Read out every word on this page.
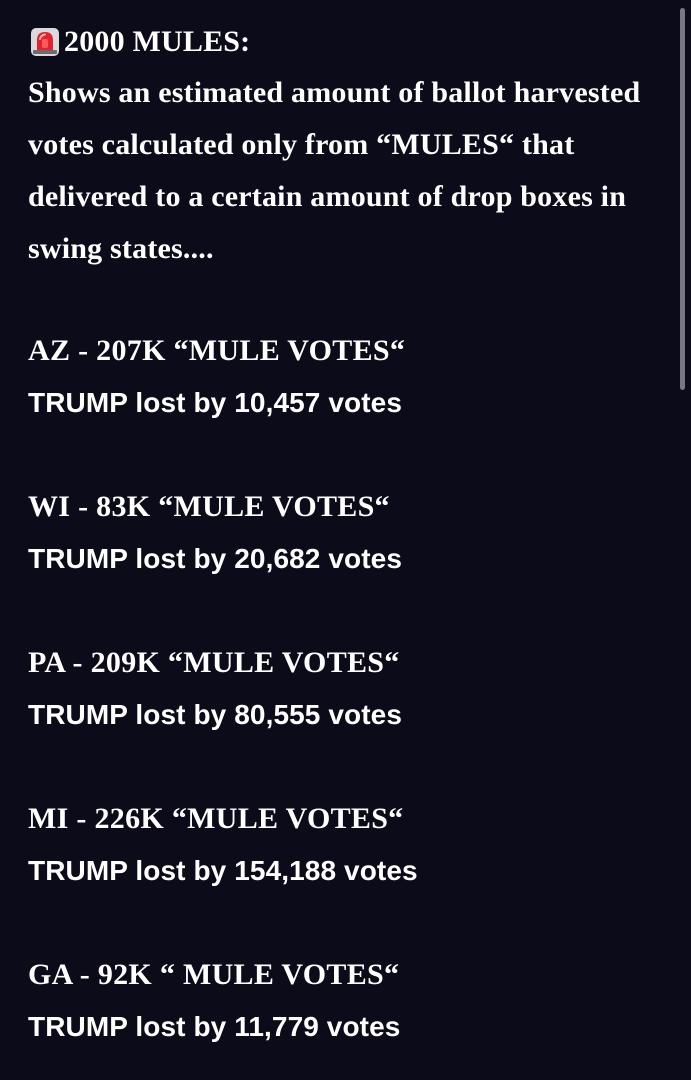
2000 MULES:
Shows an estimated amount of ballot harvested votes calculated only from “MULES“ that delivered to a certain amount of drop boxes in swing states....
AZ - 207K “MULE VOTES“
TRUMP lost by 10,457 votes
WI - 83K “MULE VOTES“
TRUMP lost by 20,682 votes
PA - 209K “MULE VOTES“
TRUMP lost by 80,555 votes
MI - 226K “MULE VOTES“
TRUMP lost by 154,188 votes
GA - 92K “ MULE VOTES“
TRUMP lost by 11,779 votes
